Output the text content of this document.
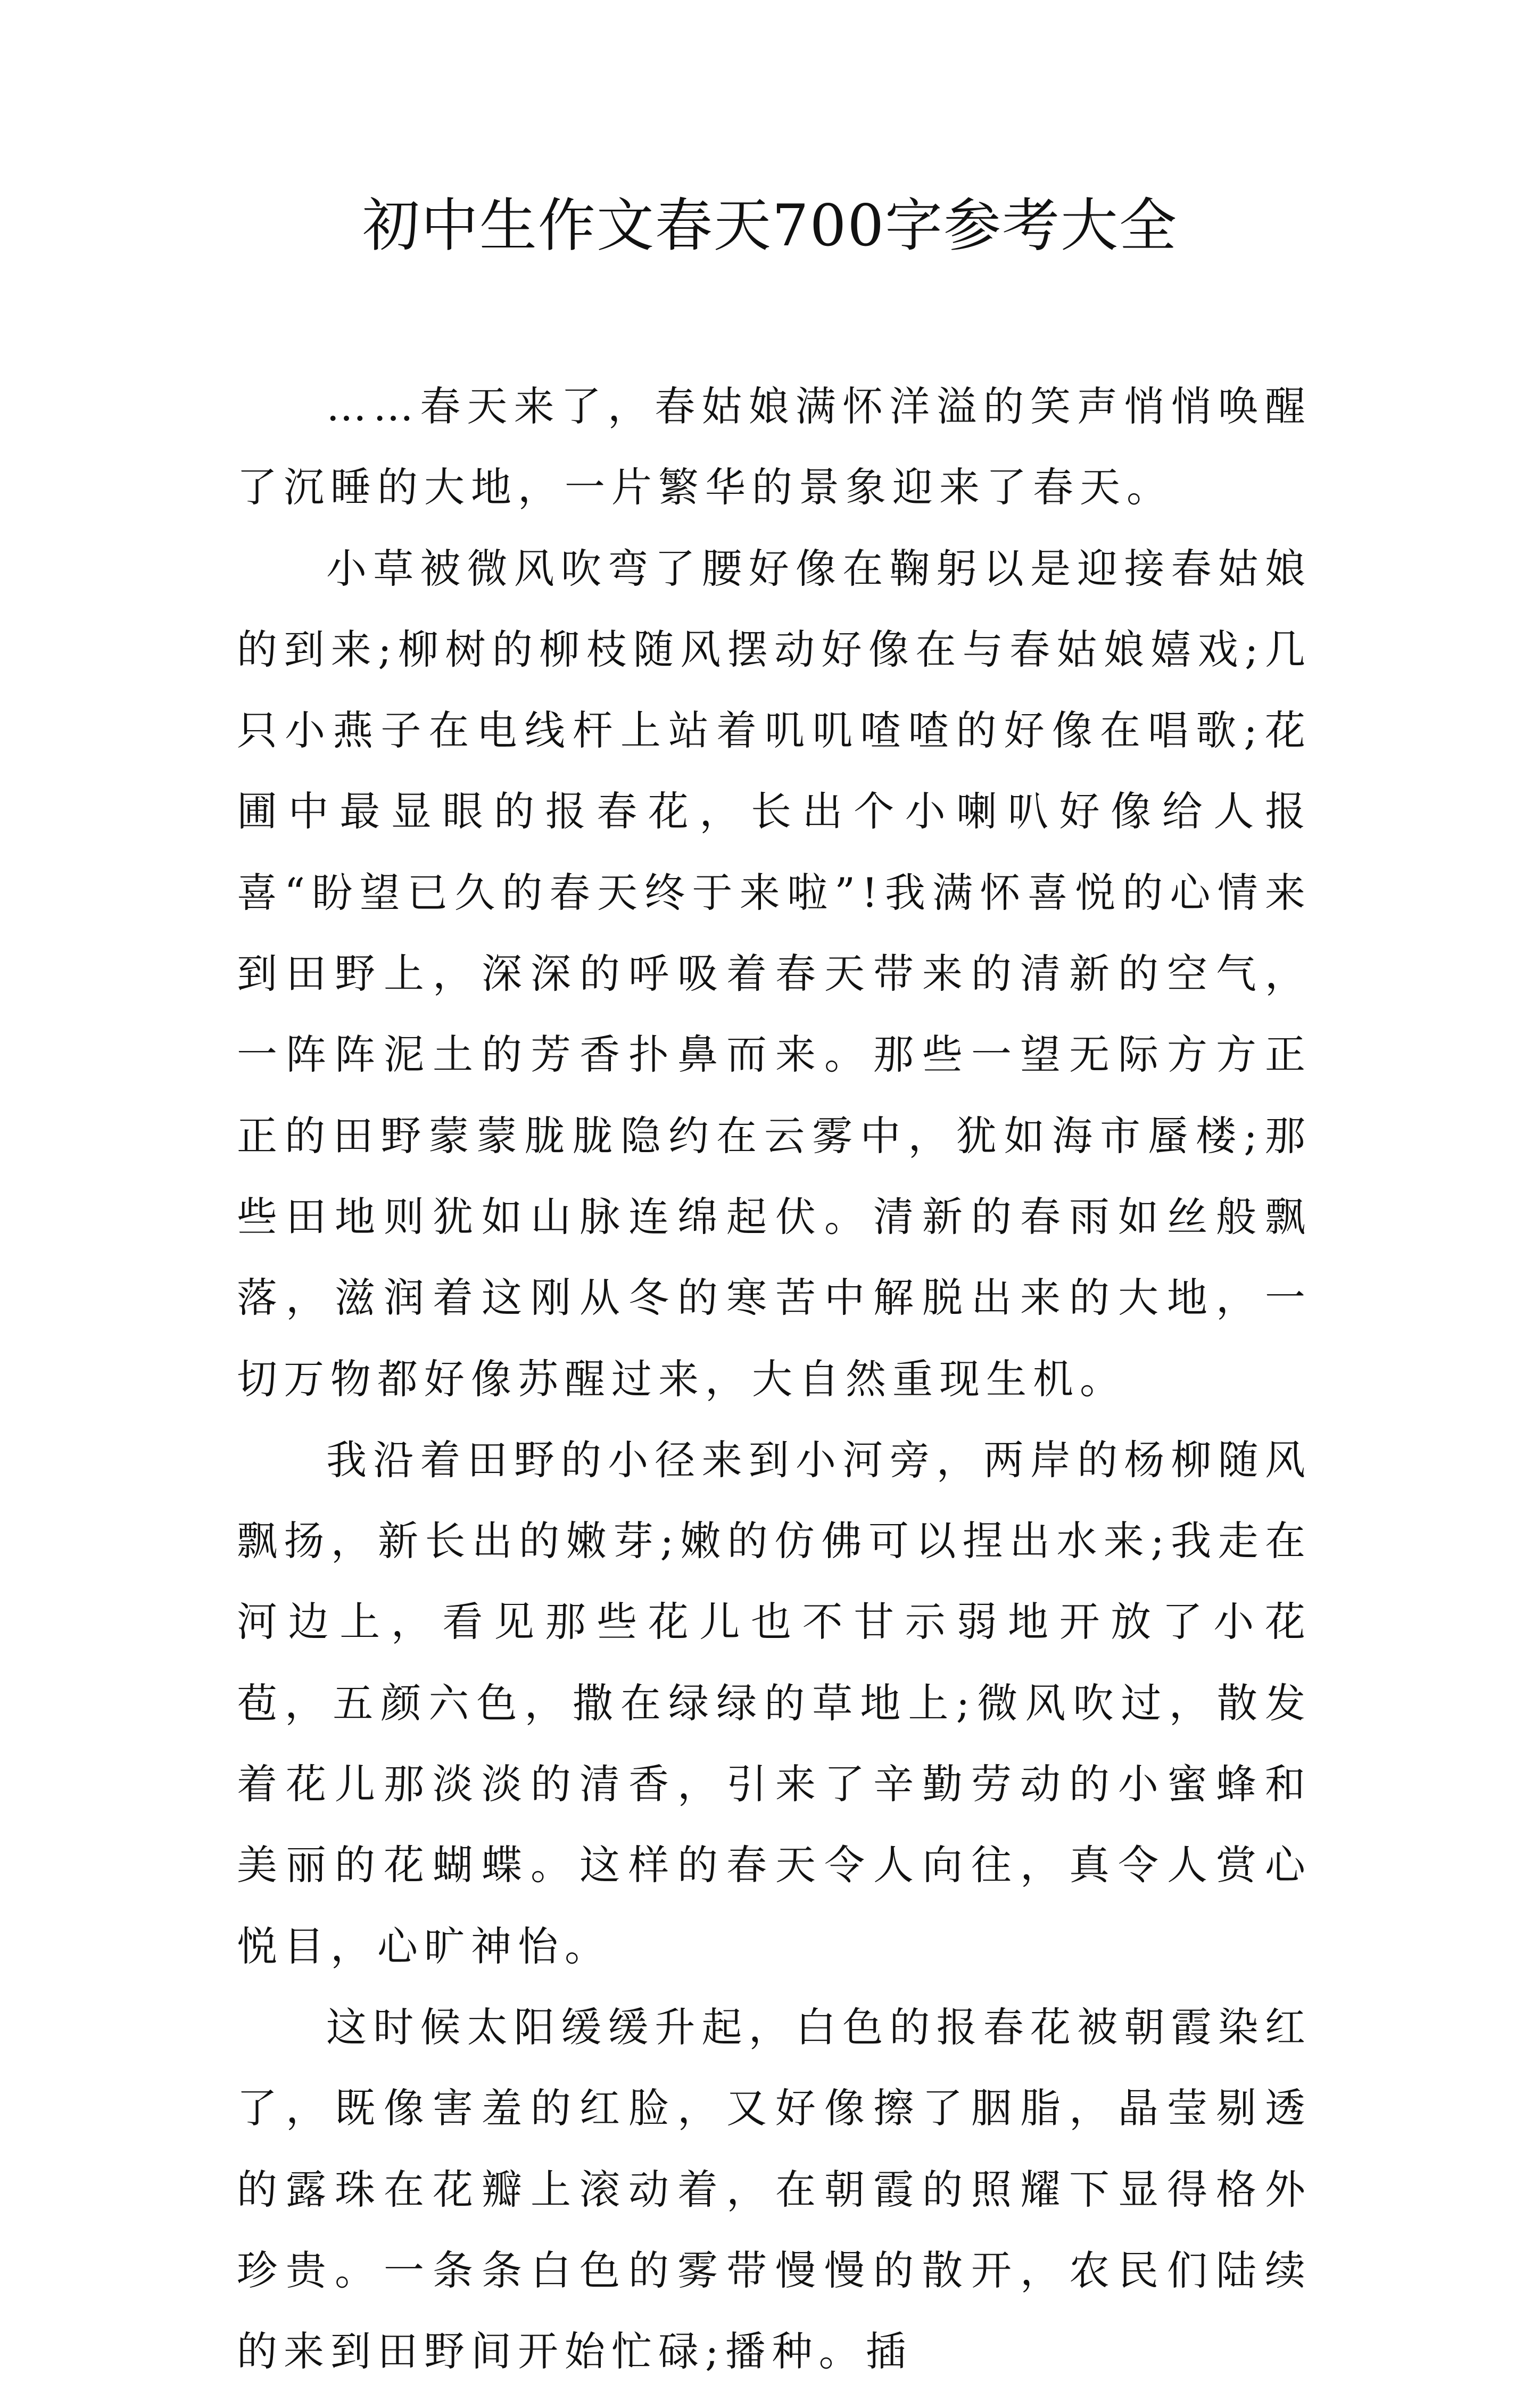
初中生作文春天700字参考大全

……春天来了，春姑娘满怀洋溢的笑声悄悄唤醒了沉睡的大地，一片繁华的景象迎来了春天。

小草被微风吹弯了腰好像在鞠躬以是迎接春姑娘的到来;柳树的柳枝随风摆动好像在与春姑娘嬉戏;几只小燕子在电线杆上站着叽叽喳喳的好像在唱歌;花圃中最显眼的报春花，长出个小喇叭好像给人报喜“盼望已久的春天终于来啦”!我满怀喜悦的心情来到田野上，深深的呼吸着春天带来的清新的空气，一阵阵泥土的芳香扑鼻而来。那些一望无际方方正正的田野蒙蒙胧胧隐约在云雾中，犹如海市蜃楼;那些田地则犹如山脉连绵起伏。清新的春雨如丝般飘落，滋润着这刚从冬的寒苦中解脱出来的大地，一切万物都好像苏醒过来，大自然重现生机。

我沿着田野的小径来到小河旁，两岸的杨柳随风飘扬，新长出的嫩芽;嫩的仿佛可以捏出水来;我走在河边上，看见那些花儿也不甘示弱地开放了小花苞，五颜六色，撒在绿绿的草地上;微风吹过，散发着花儿那淡淡的清香，引来了辛勤劳动的小蜜蜂和美丽的花蝴蝶。这样的春天令人向往，真令人赏心悦目，心旷神怡。

这时候太阳缓缓升起，白色的报春花被朝霞染红了，既像害羞的红脸，又好像擦了胭脂，晶莹剔透的露珠在花瓣上滚动着，在朝霞的照耀下显得格外珍贵。一条条白色的雾带慢慢的散开，农民们陆续的来到田野间开始忙碌;播种。插
